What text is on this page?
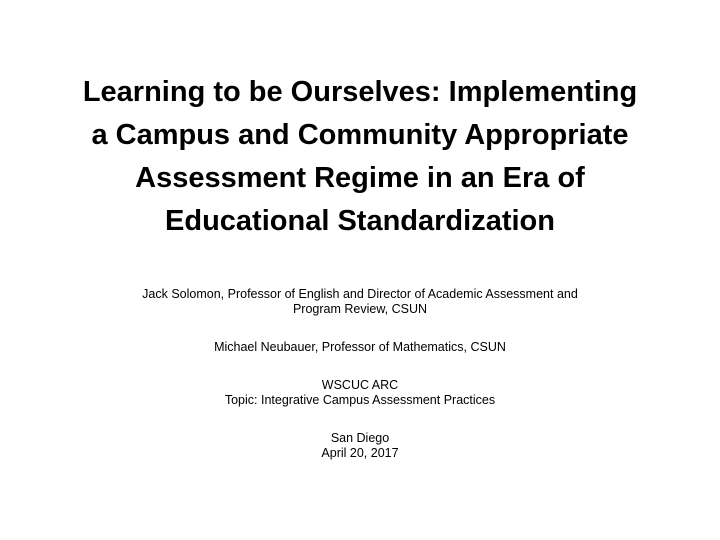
Learning to be Ourselves: Implementing
a Campus and Community Appropriate
Assessment Regime in an Era of
Educational Standardization
Jack Solomon, Professor of English and Director of Academic Assessment and
Program Review, CSUN
Michael Neubauer, Professor of Mathematics, CSUN
WSCUC ARC
Topic: Integrative Campus Assessment Practices
San Diego
April 20, 2017
